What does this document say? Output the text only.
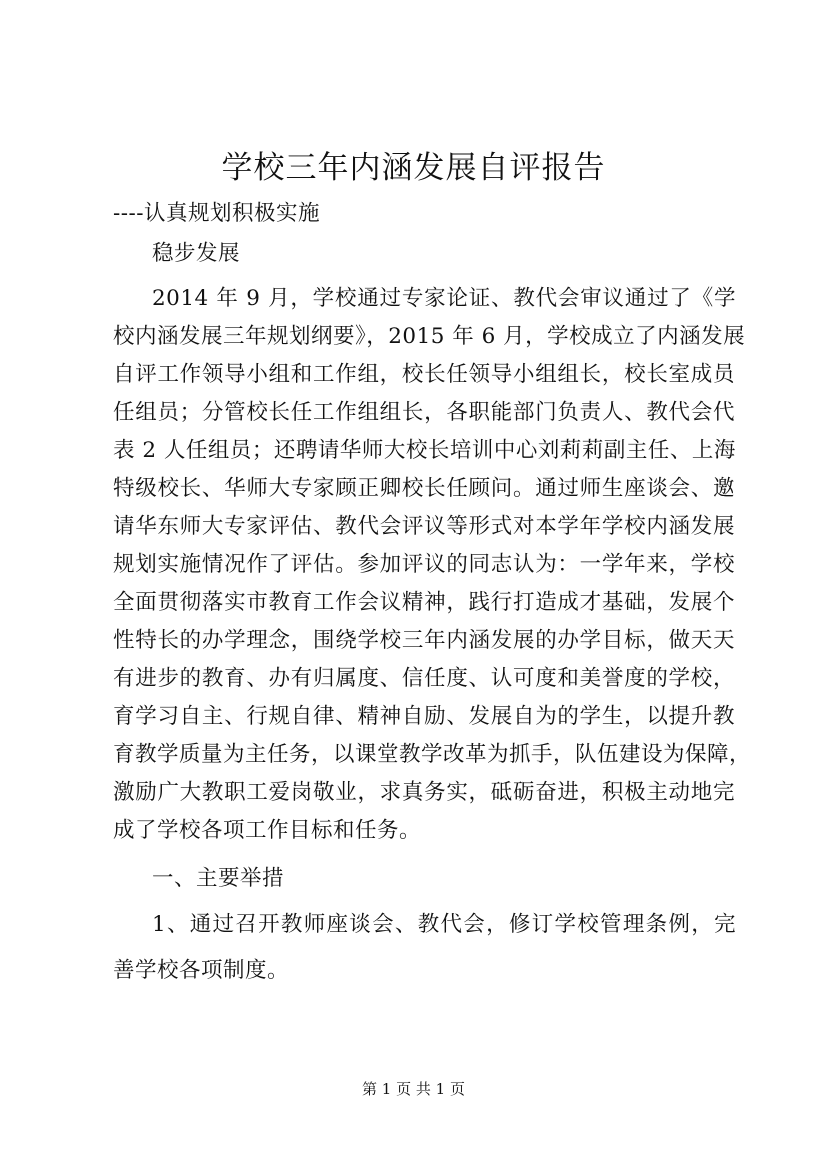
学校三年内涵发展自评报告
----认真规划积极实施
稳步发展
2014 年 9 月，学校通过专家论证、教代会审议通过了《学
校内涵发展三年规划纲要》，2015 年 6 月，学校成立了内涵发展
自评工作领导小组和工作组，校长任领导小组组长，校长室成员
任组员；分管校长任工作组组长，各职能部门负责人、教代会代
表 2 人任组员；还聘请华师大校长培训中心刘莉莉副主任、上海
特级校长、华师大专家顾正卿校长任顾问。通过师生座谈会、邀
请华东师大专家评估、教代会评议等形式对本学年学校内涵发展
规划实施情况作了评估。参加评议的同志认为：一学年来，学校
全面贯彻落实市教育工作会议精神，践行打造成才基础，发展个
性特长的办学理念，围绕学校三年内涵发展的办学目标，做天天
有进步的教育、办有归属度、信任度、认可度和美誉度的学校，
育学习自主、行规自律、精神自励、发展自为的学生，以提升教
育教学质量为主任务，以课堂教学改革为抓手，队伍建设为保障，
激励广大教职工爱岗敬业，求真务实，砥砺奋进，积极主动地完
成了学校各项工作目标和任务。
一、主要举措
1、通过召开教师座谈会、教代会，修订学校管理条例，完
善学校各项制度。
第 1 页 共 1 页
